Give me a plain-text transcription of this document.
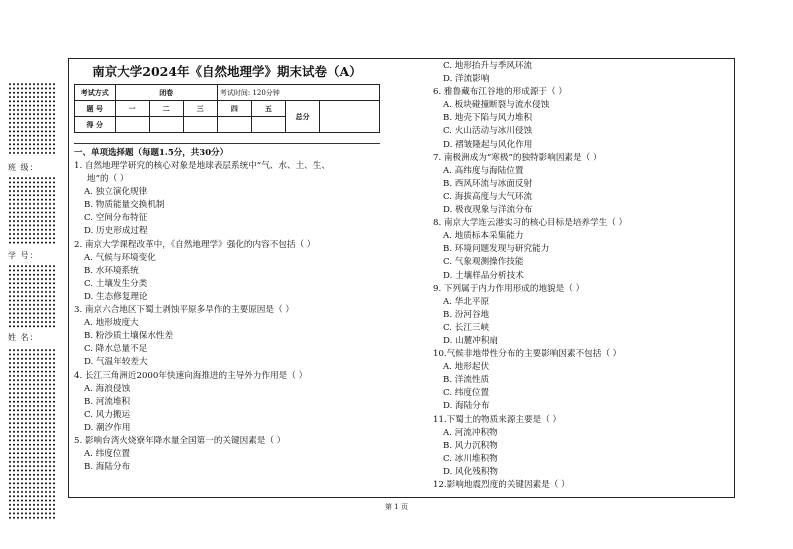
班 级：
学 号：
姓 名：
南京大学2024年《自然地理学》期末试卷（A）
考试方式	闭卷			考试时间: 120分钟			
题 号	一	二	三	四	五	总分	
得 分							
一、单项选择题（每题1.5分，共30分）
1. 自然地理学研究的核心对象是地球表层系统中“气、水、土、生、
地”的（ ）
A. 独立演化规律
B. 物质能量交换机制
C. 空间分布特征
D. 历史形成过程
2. 南京大学课程改革中，《自然地理学》强化的内容不包括（ ）
A. 气候与环境变化
B. 水环境系统
C. 土壤发生分类
D. 生态修复理论
3. 南京六合地区下蜀土剥蚀平原多旱作的主要原因是（ ）
A. 地形坡度大
B. 粉沙质土壤保水性差
C. 降水总量不足
D. 气温年较差大
4. 长江三角洲近2000年快速向海推进的主导外力作用是（ ）
A. 海浪侵蚀
B. 河流堆积
C. 风力搬运
D. 潮汐作用
5. 影响台湾火烧寮年降水量全国第一的关键因素是（ ）
A. 纬度位置
B. 海陆分布
C. 地形抬升与季风环流
D. 洋流影响
6. 雅鲁藏布江谷地的形成源于（ ）
A. 板块碰撞断裂与流水侵蚀
B. 地壳下陷与风力堆积
C. 火山活动与冰川侵蚀
D. 褶皱隆起与风化作用
7. 南极洲成为“寒极”的独特影响因素是（ ）
A. 高纬度与海陆位置
B. 西风环流与冰面反射
C. 海拔高度与大气环流
D. 极夜现象与洋流分布
8. 南京大学连云港实习的核心目标是培养学生（ ）
A. 地质标本采集能力
B. 环境问题发现与研究能力
C. 气象观测操作技能
D. 土壤样品分析技术
9. 下列属于内力作用形成的地貌是（ ）
A. 华北平原
B. 汾河谷地
C. 长江三峡
D. 山麓冲积扇
10.气候非地带性分布的主要影响因素不包括（ ）
A. 地形起伏
B. 洋流性质
C. 纬度位置
D. 海陆分布
11.下蜀土的物质来源主要是（ ）
A. 河流冲积物
B. 风力沉积物
C. 冰川堆积物
D. 风化残积物
12.影响地震烈度的关键因素是（ ）
第 1 页
